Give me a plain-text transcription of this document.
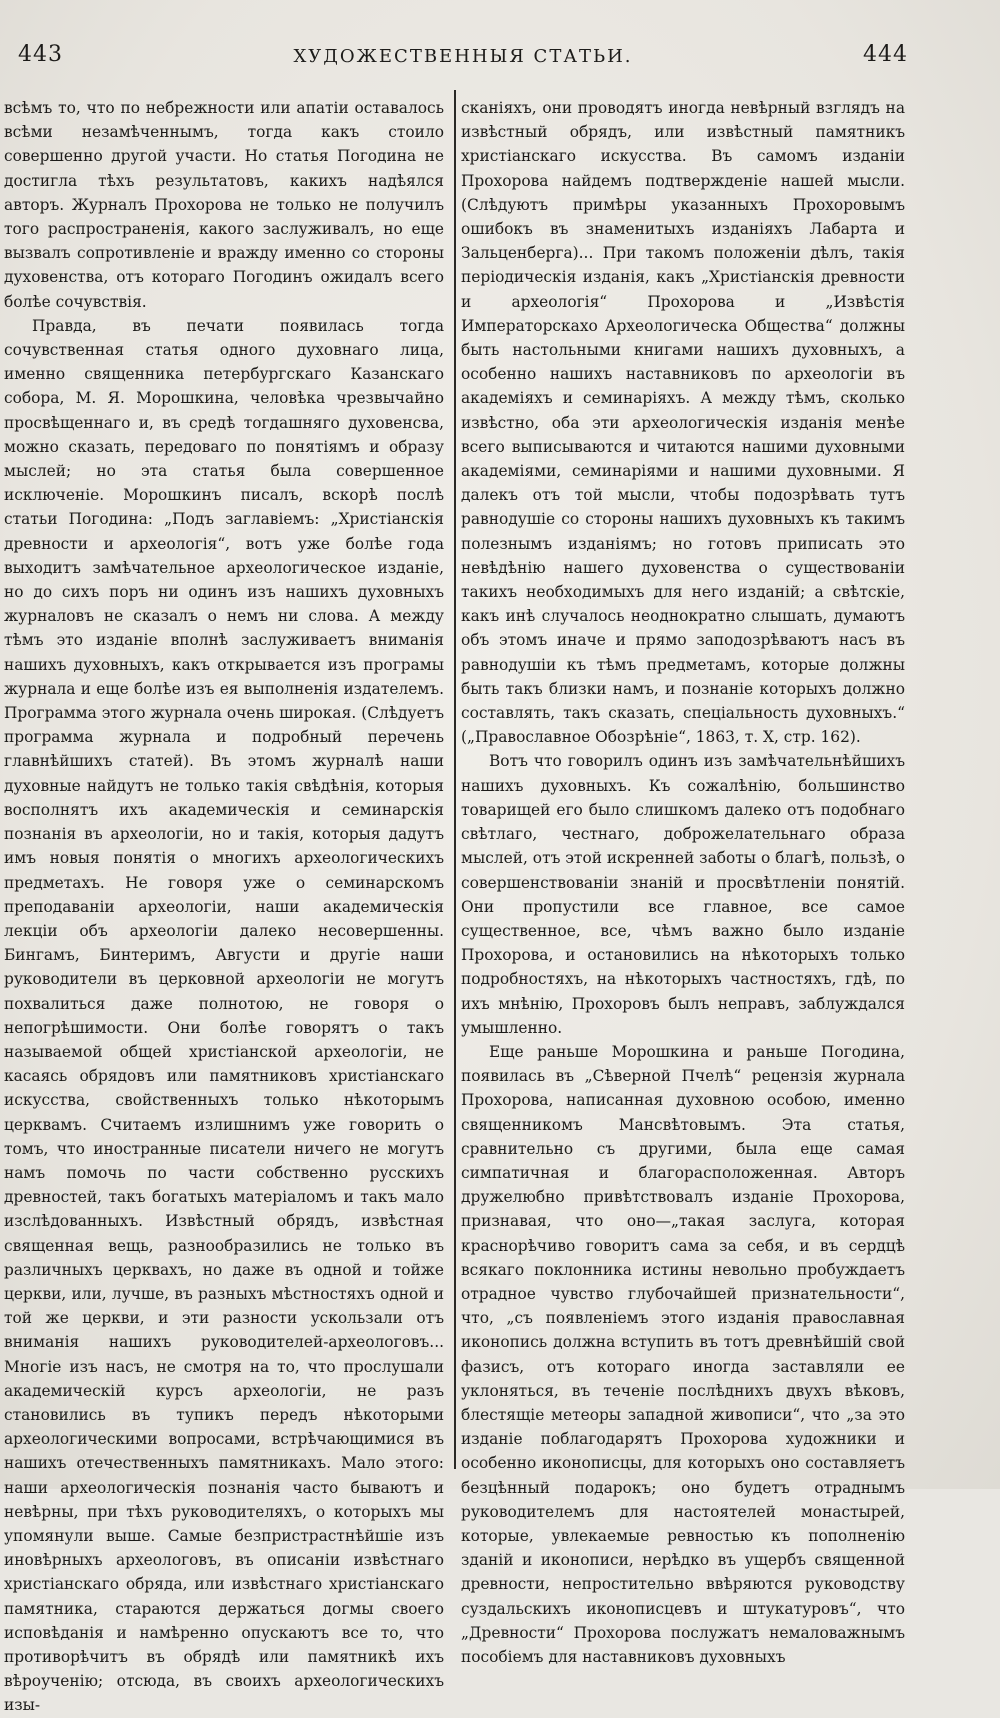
443	ХУДОЖЕСТВЕННЫЯ СТАТЬИ.	444

всѣмъ то, что по небрежности или апатіи оставалось всѣми незамѣченнымъ, тогда какъ стоило совершенно другой участи. Но статья Погодина не достигла тѣхъ результатовъ, какихъ надѣялся авторъ. Журналъ Прохорова не только не получилъ того распространенія, какого заслуживалъ, но еще вызвалъ сопротивленіе и вражду именно со стороны духовенства, отъ котораго Погодинъ ожидалъ всего болѣе сочувствія.

Правда, въ печати появилась тогда сочувственная статья одного духовнаго лица, именно священника петербургскаго Казанскаго собора, М. Я. Морошкина, человѣка чрезвычайно просвѣщеннаго и, въ средѣ тогдашняго духовенсва, можно сказать, передоваго по понятіямъ и образу мыслей; но эта статья была совершенное исключеніе. Морошкинъ писалъ, вскорѣ послѣ статьи Погодина: „Подъ заглавіемъ: „Христіанскія древности и археологія“, вотъ уже болѣе года выходитъ замѣчательное археологическое изданіе, но до сихъ поръ ни одинъ изъ нашихъ духовныхъ журналовъ не сказалъ о немъ ни слова. А между тѣмъ это изданіе вполнѣ заслуживаетъ вниманія нашихъ духовныхъ, какъ открывается изъ програмы журнала и еще болѣе изъ ея выполненія издателемъ. Программа этого журнала очень широкая. (Слѣдуетъ программа журнала и подробный перечень главнѣйшихъ статей). Въ этомъ журналѣ наши духовные найдутъ не только такія свѣдѣнія, которыя восполнятъ ихъ академическія и семинарскія познанія въ археологіи, но и такія, которыя дадутъ имъ новыя понятія о многихъ археологическихъ предметахъ. Не говоря уже о семинарскомъ преподаваніи археологіи, наши академическія лекціи объ археологіи далеко несовершенны. Бингамъ, Бинтеримъ, Августи и другіе наши руководители въ церковной археологіи не могутъ похвалиться даже полнотою, не говоря о непогрѣшимости. Они болѣе говорятъ о такъ называемой общей христіанской археологіи, не касаясь обрядовъ или памятниковъ христіанскаго искусства, свойственныхъ только нѣкоторымъ церквамъ. Считаемъ излишнимъ уже говорить о томъ, что иностранные писатели ничего не могутъ намъ помочь по части собственно русскихъ древностей, такъ богатыхъ матеріаломъ и такъ мало изслѣдованныхъ. Извѣстный обрядъ, извѣстная священная вещь, разнообразились не только въ различныхъ церквахъ, но даже въ одной и тойже церкви, или, лучше, въ разныхъ мѣстностяхъ одной и той же церкви, и эти разности ускользали отъ вниманія нашихъ руководителей-археологовъ... Многіе изъ насъ, не смотря на то, что прослушали академическій курсъ археологіи, не разъ становились въ тупикъ передъ нѣкоторыми археологическими вопросами, встрѣчающимися въ нашихъ отечественныхъ памятникахъ. Мало этого: наши археологическія познанія часто бываютъ и невѣрны, при тѣхъ руководителяхъ, о которыхъ мы упомянули выше. Самые безпристрастнѣйшіе изъ иновѣрныхъ археологовъ, въ описаніи извѣстнаго христіанскаго обряда, или извѣстнаго христіанскаго памятника, стараются держаться догмы своего исповѣданія и намѣренно опускаютъ все то, что противорѣчитъ въ обрядѣ или памятникѣ ихъ вѣроученію; отсюда, въ своихъ археологическихъ изы-

сканіяхъ, они проводятъ иногда невѣрный взглядъ на извѣстный обрядъ, или извѣстный памятникъ христіанскаго искусства. Въ самомъ изданіи Прохорова найдемъ подтвержденіе нашей мысли. (Слѣдуютъ примѣры указанныхъ Прохоровымъ ошибокъ въ знаменитыхъ изданіяхъ Лабарта и Зальценберга)... При такомъ положеніи дѣлъ, такія періодическія изданія, какъ „Христіанскія древности и археологія“ Прохорова и „Извѣстія Императорскахо Археологическа Общества“ должны быть настольными книгами нашихъ духовныхъ, а особенно нашихъ наставниковъ по археологіи въ академіяхъ и семинаріяхъ. А между тѣмъ, сколько извѣстно, оба эти археологическія изданія менѣе всего выписываются и читаются нашими духовными академіями, семинаріями и нашими духовными. Я далекъ отъ той мысли, чтобы подозрѣвать тутъ равнодушіе со стороны нашихъ духовныхъ къ такимъ полезнымъ изданіямъ; но готовъ приписать это невѣдѣнію нашего духовенства о существованіи такихъ необходимыхъ для него изданій; а свѣтскіе, какъ инѣ случалось неоднократно слышать, думаютъ объ этомъ иначе и прямо заподозрѣваютъ насъ въ равнодушіи къ тѣмъ предметамъ, которые должны быть такъ близки намъ, и познаніе которыхъ должно составлять, такъ сказать, спеціальность духовныхъ.“ („Православное Обозрѣніе“, 1863, т. X, стр. 162).

Вотъ что говорилъ одинъ изъ замѣчательнѣйшихъ нашихъ духовныхъ. Къ сожалѣнію, большинство товарищей его было слишкомъ далеко отъ подобнаго свѣтлаго, честнаго, доброжелательнаго образа мыслей, отъ этой искренней заботы о благѣ, пользѣ, о совершенствованіи знаній и просвѣтленіи понятій. Они пропустили все главное, все самое существенное, все, чѣмъ важно было изданіе Прохорова, и остановились на нѣкоторыхъ только подробностяхъ, на нѣкоторыхъ частностяхъ, гдѣ, по ихъ мнѣнію, Прохоровъ былъ неправъ, заблуждался умышленно.

Еще раньше Морошкина и раньше Погодина, появилась въ „Сѣверной Пчелѣ“ рецензія журнала Прохорова, написанная духовною особою, именно священникомъ Мансвѣтовымъ. Эта статья, сравнительно съ другими, была еще самая симпатичная и благорасположенная. Авторъ дружелюбно привѣтствовалъ изданіе Прохорова, признавая, что оно—„такая заслуга, которая краснорѣчиво говоритъ сама за себя, и въ сердцѣ всякаго поклонника истины невольно пробуждаетъ отрадное чувство глубочайшей признательности“, что, „съ появленіемъ этого изданія православная иконопись должна вступить въ тотъ древнѣйшій свой фазисъ, отъ котораго иногда заставляли ее уклоняться, въ теченіе послѣднихъ двухъ вѣковъ, блестящіе метеоры западной живописи“, что „за это изданіе поблагодарятъ Прохорова художники и особенно иконописцы, для которыхъ оно составляетъ безцѣнный подарокъ; оно будетъ отраднымъ руководителемъ для настоятелей монастырей, которые, увлекаемые ревностью къ пополненію зданій и иконописи, нерѣдко въ ущербъ священной древности, непростительно ввѣряются руководству суздальскихъ иконописцевъ и штукатуровъ“, что „Древности“ Прохорова послужатъ немаловажнымъ пособіемъ для наставниковъ духовныхъ
